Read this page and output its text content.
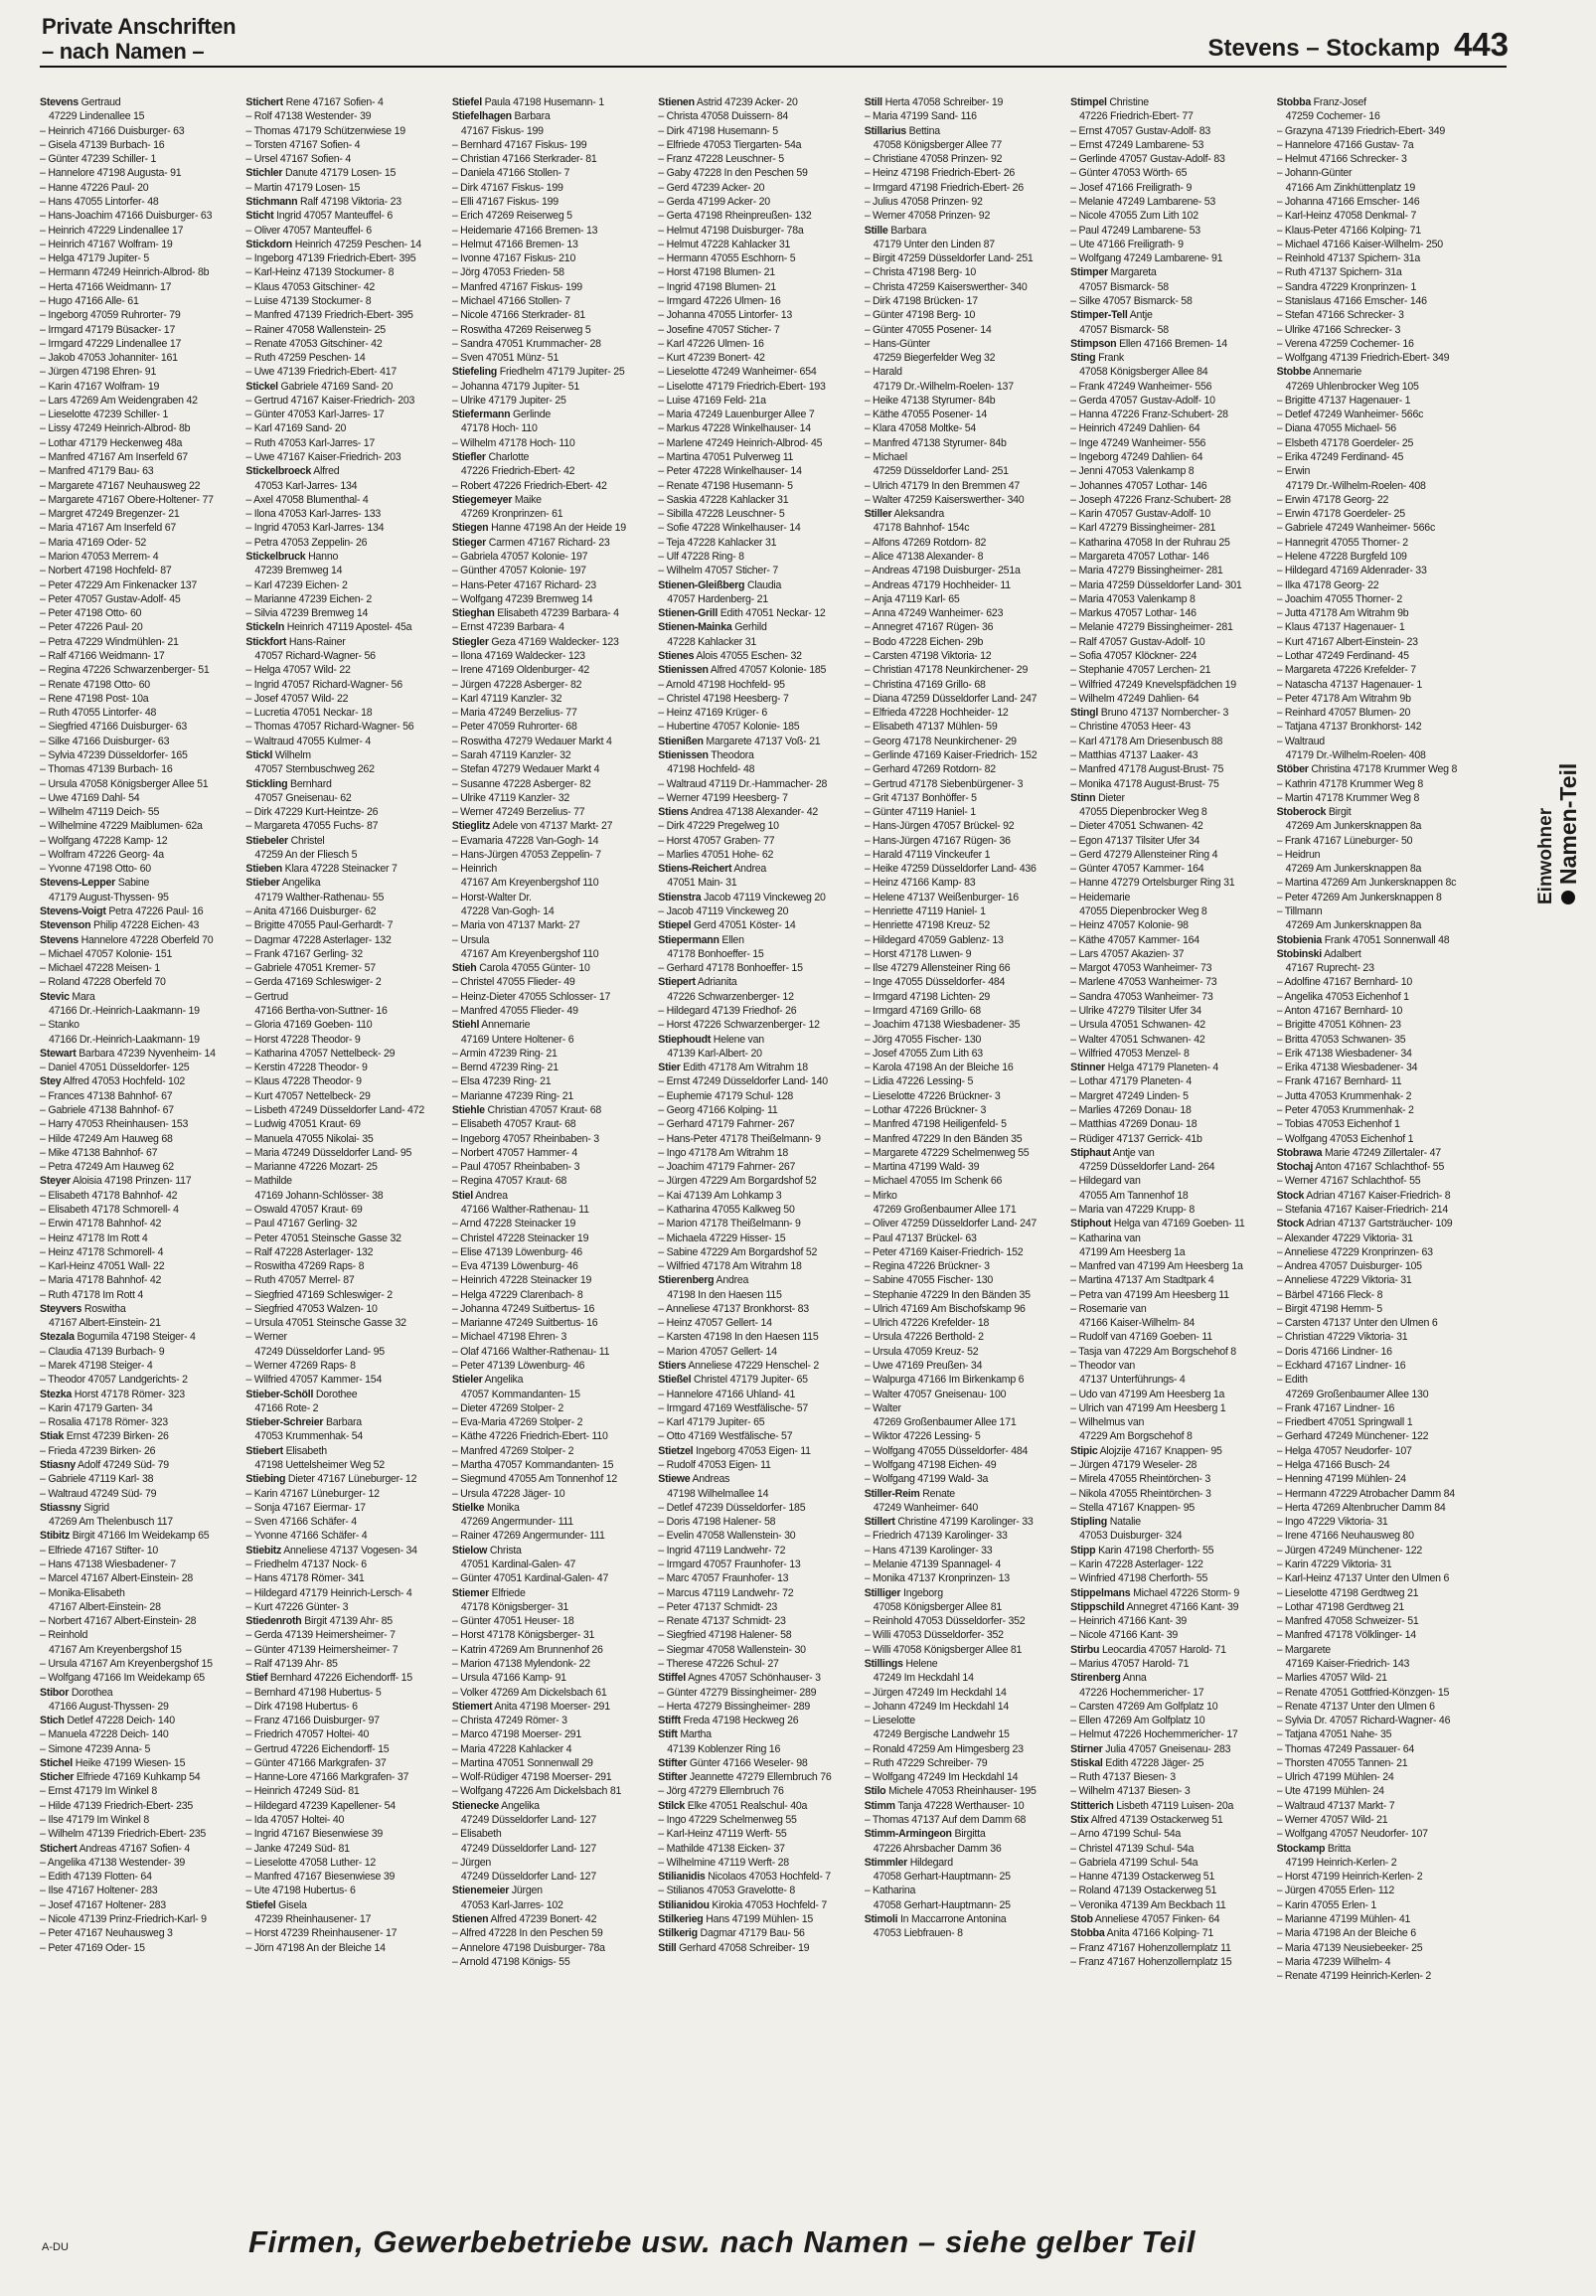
Private Anschriften
– nach Namen –	Stevens – Stockamp 443
Stevens Gertraud
47229 Lindenallee 15
– Heinrich 47166 Duisburger- 63
– Gisela 47139 Burbach- 16
– Günter 47239 Schiller- 1
– Hannelore 47198 Augusta- 91
– Hanne 47226 Paul- 20
– Hans 47055 Lintorfer- 48
– Hans-Joachim 47166 Duisburger- 63
– Heinrich 47229 Lindenallee 17
– Heinrich 47167 Wolfram- 19
– Helga 47179 Jupiter- 5
– Hermann 47249 Heinrich-Albrod- 8b
– Herta 47166 Weidmann- 17
– Hugo 47166 Alle- 61
– Ingeborg 47059 Ruhrorter- 79
– Irmgard 47179 Büsacker- 17
– Irmgard 47229 Lindenallee 17
– Jakob 47053 Johanniter- 161
– Jürgen 47198 Ehren- 91
– Karin 47167 Wolfram- 19
– Lars 47269 Am Weidengraben 42
– Lieselotte 47239 Schiller- 1
– Lissy 47249 Heinrich-Albrod- 8b
– Lothar 47179 Heckenweg 48a
– Manfred 47167 Am Inserfeld 67
– Manfred 47179 Bau- 63
– Margarete 47167 Neuhausweg 22
– Margarete 47167 Obere-Holtener- 77
– Margret 47249 Bregenzer- 21
– Maria 47167 Am Inserfeld 67
– Maria 47169 Oder- 52
– Marion 47053 Merrem- 4
– Norbert 47198 Hochfeld- 87
– Peter 47229 Am Finkenacker 137
– Peter 47057 Gustav-Adolf- 45
– Peter 47198 Otto- 60
– Peter 47226 Paul- 20
– Petra 47229 Windmühlen- 21
– Ralf 47166 Weidmann- 17
– Regina 47226 Schwarzenberger- 51
– Renate 47198 Otto- 60
– Rene 47198 Post- 10a
– Ruth 47055 Lintorfer- 48
– Siegfried 47166 Duisburger- 63
– Silke 47166 Duisburger- 63
– Sylvia 47239 Düsseldorfer- 165
– Thomas 47139 Burbach- 16
– Ursula 47058 Königsberger Allee 51
– Uwe 47169 Dahl- 54
– Wilhelm 47119 Deich- 55
– Wilhelmine 47229 Maiblumen- 62a
– Wolfgang 47228 Kamp- 12
– Wolfram 47226 Georg- 4a
– Yvonne 47198 Otto- 60
Stevens-Lepper Sabine
47179 August-Thyssen- 95
Stevens-Voigt Petra 47226 Paul- 16
Stevenson Philip 47228 Eichen- 43
Stevens Hannelore 47228 Oberfeld 70
– Michael 47057 Kolonie- 151
– Michael 47228 Meisen- 1
– Roland 47228 Oberfeld 70
Stevic Mara
47166 Dr.-Heinrich-Laakmann- 19
– Stanko
47166 Dr.-Heinrich-Laakmann- 19
Stewart Barbara 47239 Nyvenheim- 14
– Daniel 47051 Düsseldorfer- 125
Stey Alfred 47053 Hochfeld- 102
– Frances 47138 Bahnhof- 67
– Gabriele 47138 Bahnhof- 67
– Harry 47053 Rheinhausen- 153
– Hilde 47249 Am Hauweg 68
– Mike 47138 Bahnhof- 67
– Petra 47249 Am Hauweg 62
Steyer Aloisia 47198 Prinzen- 117
– Elisabeth 47178 Bahnhof- 42
– Elisabeth 47178 Schmorell- 4
– Erwin 47178 Bahnhof- 42
– Heinz 47178 Im Rott 4
– Heinz 47178 Schmorell- 4
– Karl-Heinz 47051 Wall- 22
– Maria 47178 Bahnhof- 42
– Ruth 47178 Im Rott 4
Steyvers Roswitha
47167 Albert-Einstein- 21
Stezala Bogumila 47198 Steiger- 4
– Claudia 47139 Burbach- 9
– Marek 47198 Steiger- 4
– Theodor 47057 Landgerichts- 2
Stezka Horst 47178 Römer- 323
– Karin 47179 Garten- 34
– Rosalia 47178 Römer- 323
Stiak Ernst 47239 Birken- 26
– Frieda 47239 Birken- 26
Stiasny Adolf 47249 Süd- 79
– Gabriele 47119 Karl- 38
– Waltraud 47249 Süd- 79
Stiassny Sigrid
47269 Am Thelenbusch 117
Stibitz Birgit 47166 Im Weidekamp 65
– Elfriede 47167 Stifter- 10
– Hans 47138 Wiesbadener- 7
– Marcel 47167 Albert-Einstein- 28
– Monika-Elisabeth
47167 Albert-Einstein- 28
– Norbert 47167 Albert-Einstein- 28
– Reinhold
47167 Am Kreyenbergshof 15
– Ursula 47167 Am Kreyenbergshof 15
– Wolfgang 47166 Im Weidekamp 65
Stibor Dorothea
47166 August-Thyssen- 29
Stich Detlef 47228 Deich- 140
– Manuela 47228 Deich- 140
– Simone 47239 Anna- 5
Stichel Heike 47199 Wiesen- 15
Sticher Elfriede 47169 Kuhkamp 54
– Ernst 47179 Im Winkel 8
– Hilde 47139 Friedrich-Ebert- 235
– Ilse 47179 Im Winkel 8
– Wilhelm 47139 Friedrich-Ebert- 235
Stichert Andreas 47167 Sofien- 4
– Angelika 47138 Westender- 39
– Edith 47139 Flotten- 64
– Ilse 47167 Holtener- 283
– Josef 47167 Holtener- 283
– Nicole 47139 Prinz-Friedrich-Karl- 9
– Peter 47167 Neuhausweg 3
– Peter 47169 Oder- 15
Stichert Rene 47167 Sofien- 4
– Rolf 47138 Westender- 39
– Thomas 47179 Schützenwiese 19
– Torsten 47167 Sofien- 4
– Ursel 47167 Sofien- 4
Stichler Danute 47179 Losen- 15
– Martin 47179 Losen- 15
Stichmann Ralf 47198 Viktoria- 23
Sticht Ingrid 47057 Manteuffel- 6
– Oliver 47057 Manteuffel- 6
Stickdorn Heinrich 47259 Peschen- 14
– Ingeborg 47139 Friedrich-Ebert- 395
– Karl-Heinz 47139 Stockumer- 8
– Klaus 47053 Gitschiner- 42
– Luise 47139 Stockumer- 8
– Manfred 47139 Friedrich-Ebert- 395
– Rainer 47058 Wallenstein- 25
– Renate 47053 Gitschiner- 42
– Ruth 47259 Peschen- 14
– Uwe 47139 Friedrich-Ebert- 417
Stickel Gabriele 47169 Sand- 20
– Gertrud 47167 Kaiser-Friedrich- 203
– Günter 47053 Karl-Jarres- 17
– Karl 47169 Sand- 20
– Ruth 47053 Karl-Jarres- 17
– Uwe 47167 Kaiser-Friedrich- 203
Stickelbroeck Alfred
47053 Karl-Jarres- 134
– Axel 47058 Blumenthal- 4
– Ilona 47053 Karl-Jarres- 133
– Ingrid 47053 Karl-Jarres- 134
– Petra 47053 Zeppelin- 26
Stickelbruck Hanno
47239 Bremweg 14
– Karl 47239 Eichen- 2
– Marianne 47239 Eichen- 2
– Silvia 47239 Bremweg 14
Stickeln Heinrich 47119 Apostel- 45a
Stickfort Hans-Rainer
47057 Richard-Wagner- 56
– Helga 47057 Wild- 22
– Ingrid 47057 Richard-Wagner- 56
– Josef 47057 Wild- 22
– Lucretia 47051 Neckar- 18
– Thomas 47057 Richard-Wagner- 56
– Waltraud 47055 Kulmer- 4
Stickl Wilhelm
47057 Sternbuschweg 262
Stickling Bernhard
47057 Gneisenau- 62
– Dirk 47229 Kurt-Heintze- 26
– Margareta 47055 Fuchs- 87
Stiebeler Christel
47259 An der Fliesch 5
Stieben Klara 47228 Steinacker 7
Stieber Angelika
47179 Walther-Rathenau- 55
– Anita 47166 Duisburger- 62
– Brigitte 47055 Paul-Gerhardt- 7
– Dagmar 47228 Asterlager- 132
– Frank 47167 Gerling- 32
– Gabriele 47051 Kremer- 57
– Gerda 47169 Schleswiger- 2
– Gertrud
47166 Bertha-von-Suttner- 16
– Gloria 47169 Goeben- 110
– Horst 47228 Theodor- 9
– Katharina 47057 Nettelbeck- 29
– Kerstin 47228 Theodor- 9
– Klaus 47228 Theodor- 9
– Kurt 47057 Nettelbeck- 29
– Lisbeth 47249 Düsseldorfer Land- 472
– Ludwig 47051 Kraut- 69
– Manuela 47055 Nikolai- 35
– Maria 47249 Düsseldorfer Land- 95
– Marianne 47226 Mozart- 25
– Mathilde
47169 Johann-Schlösser- 38
– Oswald 47057 Kraut- 69
– Paul 47167 Gerling- 32
– Peter 47051 Steinsche Gasse 32
– Ralf 47228 Asterlager- 132
– Roswitha 47269 Raps- 8
– Ruth 47057 Merrel- 87
– Siegfried 47169 Schleswiger- 2
– Siegfried 47053 Walzen- 10
– Ursula 47051 Steinsche Gasse 32
– Werner
47249 Düsseldorfer Land- 95
– Werner 47269 Raps- 8
– Wilfried 47057 Kammer- 154
Stieber-Schöll Dorothee
47166 Rote- 2
Stieber-Schreier Barbara
47053 Krummenhak- 54
Stiebert Elisabeth
47198 Uettelsheimer Weg 52
Stiebing Dieter 47167 Lüneburger- 12
– Karin 47167 Lüneburger- 12
– Sonja 47167 Eiermar- 17
– Sven 47166 Schäfer- 4
– Yvonne 47166 Schäfer- 4
Stiebitz Anneliese 47137 Vogesen- 34
– Friedhelm 47137 Nock- 6
– Hans 47178 Römer- 341
– Hildegard 47179 Heinrich-Lersch- 4
– Kurt 47226 Günter- 3
Stiedenroth Birgit 47139 Ahr- 85
– Gerda 47139 Heimersheimer- 7
– Günter 47139 Heimersheimer- 7
– Ralf 47139 Ahr- 85
Stief Bernhard 47226 Eichendorff- 15
– Bernhard 47198 Hubertus- 5
– Dirk 47198 Hubertus- 6
– Franz 47166 Duisburger- 97
– Friedrich 47057 Holtei- 40
– Gertrud 47226 Eichendorff- 15
– Günter 47166 Markgrafen- 37
– Hanne-Lore 47166 Markgrafen- 37
– Heinrich 47249 Süd- 81
– Hildegard 47239 Kapellener- 54
– Ida 47057 Holtei- 40
– Ingrid 47167 Biesenwiese 39
– Janke 47249 Süd- 81
– Lieselotte 47058 Luther- 12
– Manfred 47167 Biesenwiese 39
– Ute 47198 Hubertus- 6
Stiefel Gisela
47239 Rheinhausener- 17
– Horst 47239 Rheinhausener- 17
– Jörn 47198 An der Bleiche 14
Stiefel Paula 47198 Husemann- 1
Stiefelhagen Barbara
47167 Fiskus- 199
– Bernhard 47167 Fiskus- 199
– Christian 47166 Sterkrader- 81
– Daniela 47166 Stollen- 7
– Dirk 47167 Fiskus- 199
– Elli 47167 Fiskus- 199
– Erich 47269 Reiserweg 5
– Heidemarie 47166 Bremen- 13
– Helmut 47166 Bremen- 13
– Ivonne 47167 Fiskus- 210
– Jörg 47053 Frieden- 58
– Manfred 47167 Fiskus- 199
– Michael 47166 Stollen- 7
– Nicole 47166 Sterkrader- 81
– Roswitha 47269 Reiserweg 5
– Sandra 47051 Krummacher- 28
– Sven 47051 Münz- 51
Stiefeling Friedhelm 47179 Jupiter- 25
– Johanna 47179 Jupiter- 51
– Ulrike 47179 Jupiter- 25
Stiefermann Gerlinde
47178 Hoch- 110
– Wilhelm 47178 Hoch- 110
Stiefler Charlotte
47226 Friedrich-Ebert- 42
– Robert 47226 Friedrich-Ebert- 42
Stiegemeyer Maike
47269 Kronprinzen- 61
Stiegen Hanne 47198 An der Heide 19
Stieger Carmen 47167 Richard- 23
– Gabriela 47057 Kolonie- 197
– Günther 47057 Kolonie- 197
– Hans-Peter 47167 Richard- 23
– Wolfgang 47239 Bremweg 14
Stieghan Elisabeth 47239 Barbara- 4
– Ernst 47239 Barbara- 4
Stiegler Geza 47169 Waldecker- 123
– Ilona 47169 Waldecker- 123
– Irene 47169 Oldenburger- 42
– Jürgen 47228 Asberger- 82
– Karl 47119 Kanzler- 32
– Maria 47249 Berzelius- 77
– Peter 47059 Ruhrorter- 68
– Roswitha 47279 Wedauer Markt 4
– Sarah 47119 Kanzler- 32
– Stefan 47279 Wedauer Markt 4
– Susanne 47228 Asberger- 82
– Ulrike 47119 Kanzler- 32
– Werner 47249 Berzelius- 77
Stieglitz Adele von 47137 Markt- 27
– Evamaria 47228 Van-Gogh- 14
– Hans-Jürgen 47053 Zeppelin- 7
– Heinrich
47167 Am Kreyenbergshof 110
– Horst-Walter Dr.
47228 Van-Gogh- 14
– Maria von 47137 Markt- 27
– Ursula
47167 Am Kreyenbergshof 110
Stieh Carola 47055 Günter- 10
– Christel 47055 Flieder- 49
– Heinz-Dieter 47055 Schlosser- 17
– Manfred 47055 Flieder- 49
Stiehl Annemarie
47169 Untere Holtener- 6
– Armin 47239 Ring- 21
– Bernd 47239 Ring- 21
– Elsa 47239 Ring- 21
– Marianne 47239 Ring- 21
Stiehle Christian 47057 Kraut- 68
– Elisabeth 47057 Kraut- 68
– Ingeborg 47057 Rheinbaben- 3
– Norbert 47057 Hammer- 4
– Paul 47057 Rheinbaben- 3
– Regina 47057 Kraut- 68
Stiel Andrea
47166 Walther-Rathenau- 11
– Arnd 47228 Steinacker 19
– Christel 47228 Steinacker 19
– Elise 47139 Löwenburg- 46
– Eva 47139 Löwenburg- 46
– Heinrich 47228 Steinacker 19
– Helga 47229 Clarenbach- 8
– Johanna 47249 Suitbertus- 16
– Marianne 47249 Suitbertus- 16
– Michael 47198 Ehren- 3
– Olaf 47166 Walther-Rathenau- 11
– Peter 47139 Löwenburg- 46
Stieler Angelika
47057 Kommandanten- 15
– Dieter 47269 Stolper- 2
– Eva-Maria 47269 Stolper- 2
– Käthe 47226 Friedrich-Ebert- 110
– Manfred 47269 Stolper- 2
– Martha 47057 Kommandanten- 15
– Siegmund 47055 Am Tonnenhof 12
– Ursula 47228 Jäger- 10
Stielke Monika
47269 Angermunder- 111
– Rainer 47269 Angermunder- 111
Stielow Christa
47051 Kardinal-Galen- 47
– Günter 47051 Kardinal-Galen- 47
Stiemer Elfriede
47178 Königsberger- 31
– Günter 47051 Heuser- 18
– Horst 47178 Königsberger- 31
– Katrin 47269 Am Brunnenhof 26
– Marion 47138 Mylendonk- 22
– Ursula 47166 Kamp- 91
– Volker 47269 Am Dickelsbach 61
Stiemert Anita 47198 Moerser- 291
– Christa 47249 Römer- 3
– Marco 47198 Moerser- 291
– Maria 47228 Kahlacker 4
– Martina 47051 Sonnenwall 29
– Wolf-Rüdiger 47198 Moerser- 291
– Wolfgang 47226 Am Dickelsbach 81
Stienecke Angelika
47249 Düsseldorfer Land- 127
– Elisabeth
47249 Düsseldorfer Land- 127
– Jürgen
47249 Düsseldorfer Land- 127
Stienemeier Jürgen
47053 Karl-Jarres- 102
Stienen Alfred 47239 Bonert- 42
– Alfred 47228 In den Peschen 59
– Annelore 47198 Duisburger- 78a
– Arnold 47198 Königs- 55
Stienen Astrid 47239 Acker- 20
– Christa 47058 Duissern- 84
– Dirk 47198 Husemann- 5
– Elfriede 47053 Tiergarten- 54a
– Franz 47228 Leuschner- 5
– Gaby 47228 In den Peschen 59
– Gerd 47239 Acker- 20
– Gerda 47199 Acker- 20
– Gerta 47198 Rheinpreußen- 132
– Helmut 47198 Duisburger- 78a
– Helmut 47228 Kahlacker 31
– Hermann 47055 Eschhorn- 5
– Horst 47198 Blumen- 21
– Ingrid 47198 Blumen- 21
– Irmgard 47226 Ulmen- 16
– Johanna 47055 Lintorfer- 13
– Josefine 47057 Sticher- 7
– Karl 47226 Ulmen- 16
– Kurt 47239 Bonert- 42
– Lieselotte 47249 Wanheimer- 654
– Liselotte 47179 Friedrich-Ebert- 193
– Luise 47169 Feld- 21a
– Maria 47249 Lauenburger Allee 7
– Markus 47228 Winkelhauser- 14
– Marlene 47249 Heinrich-Albrod- 45
– Martina 47051 Pulverweg 11
– Peter 47228 Winkelhauser- 14
– Renate 47198 Husemann- 5
– Saskia 47228 Kahlacker 31
– Sibilla 47228 Leuschner- 5
– Sofie 47228 Winkelhauser- 14
– Teja 47228 Kahlacker 31
– Ulf 47228 Ring- 8
– Wilhelm 47057 Sticher- 7
Stienen-Gleißberg Claudia
47057 Hardenberg- 21
Stienen-Grill Edith 47051 Neckar- 12
Stienen-Mainka Gerhild
47228 Kahlacker 31
Stienes Alois 47055 Eschen- 32
Stienissen Alfred 47057 Kolonie- 185
– Arnold 47198 Hochfeld- 95
– Christel 47198 Heesberg- 7
– Heinz 47169 Krüger- 6
– Hubertine 47057 Kolonie- 185
Stienißen Margarete 47137 Voß- 21
Stienissen Theodora
47198 Hochfeld- 48
– Waltraud 47119 Dr.-Hammacher- 28
– Werner 47199 Heesberg- 7
Stiens Andrea 47138 Alexander- 42
– Dirk 47229 Pregelweg 10
– Horst 47057 Graben- 77
– Marlies 47051 Hohe- 62
Stiens-Reichert Andrea
47051 Main- 31
Stienstra Jacob 47119 Vinckeweg 20
– Jacob 47119 Vinckeweg 20
Stiepel Gerd 47051 Köster- 14
Stiepermann Ellen
47178 Bonhoeffer- 15
– Gerhard 47178 Bonhoeffer- 15
Stiepert Adrianita
47226 Schwarzenberger- 12
– Hildegard 47139 Friedhof- 26
– Horst 47226 Schwarzenberger- 12
Stiephoudt Helene van
47139 Karl-Albert- 20
Stier Edith 47178 Am Witrahm 18
– Ernst 47249 Düsseldorfer Land- 140
– Euphemie 47179 Schul- 128
– Georg 47166 Kolping- 11
– Gerhard 47179 Fahrner- 267
– Hans-Peter 47178 Theißelmann- 9
– Ingo 47178 Am Witrahm 18
– Joachim 47179 Fahrner- 267
– Jürgen 47229 Am Borgardshof 52
– Kai 47139 Am Lohkamp 3
– Katharina 47055 Kalkweg 50
– Marion 47178 Theißelmann- 9
– Michaela 47229 Hisser- 15
– Sabine 47229 Am Borgardshof 52
– Wilfried 47178 Am Witrahm 18
Stierenberg Andrea
47198 In den Haesen 115
– Anneliese 47137 Bronkhorst- 83
– Heinz 47057 Gellert- 14
– Karsten 47198 In den Haesen 115
– Marion 47057 Gellert- 14
Stiers Anneliese 47229 Henschel- 2
Stießel Christel 47179 Jupiter- 65
– Hannelore 47166 Uhland- 41
– Irmgard 47169 Westfälische- 57
– Karl 47179 Jupiter- 65
– Otto 47169 Westfälische- 57
Stietzel Ingeborg 47053 Eigen- 11
– Rudolf 47053 Eigen- 11
Stiewe Andreas
47198 Wilhelmallee 14
– Detlef 47239 Düsseldorfer- 185
– Doris 47198 Halener- 58
– Evelin 47058 Wallenstein- 30
– Ingrid 47119 Landwehr- 72
– Irmgard 47057 Fraunhofer- 13
– Marc 47057 Fraunhofer- 13
– Marcus 47119 Landwehr- 72
– Peter 47137 Schmidt- 23
– Renate 47137 Schmidt- 23
– Siegfried 47198 Halener- 58
– Siegmar 47058 Wallenstein- 30
– Therese 47226 Schul- 27
Stiffel Agnes 47057 Schönhauser- 3
– Günter 47279 Bissingheimer- 289
– Herta 47279 Bissingheimer- 289
Stifft Freda 47198 Heckweg 26
Stift Martha
47139 Koblenzer Ring 16
Stifter Günter 47166 Weseler- 98
Stifter Jeannette 47279 Ellernbruch 76
– Jörg 47279 Ellernbruch 76
Stilck Elke 47051 Realschul- 40a
– Ingo 47229 Schelmenweg 55
– Karl-Heinz 47119 Werft- 55
– Mathilde 47138 Eicken- 37
– Wilhelmine 47119 Werft- 28
Stilianidis Nicolaos 47053 Hochfeld- 7
– Stilianos 47053 Gravelotte- 8
Stilianidou Kirokia 47053 Hochfeld- 7
Stilkerieg Hans 47199 Mühlen- 15
Stilkerig Dagmar 47179 Bau- 56
Still Gerhard 47058 Schreiber- 19
Still Herta 47058 Schreiber- 19
– Maria 47199 Sand- 116
Stillarius Bettina
47058 Königsberger Allee 77
– Christiane 47058 Prinzen- 92
– Heinz 47198 Friedrich-Ebert- 26
– Irmgard 47198 Friedrich-Ebert- 26
– Julius 47058 Prinzen- 92
– Werner 47058 Prinzen- 92
Stille Barbara
47179 Unter den Linden 87
– Birgit 47259 Düsseldorfer Land- 251
– Christa 47198 Berg- 10
– Christa 47259 Kaiserswerther- 340
– Dirk 47198 Brücken- 17
– Günter 47198 Berg- 10
– Günter 47055 Posener- 14
– Hans-Günter
47259 Biegerfelder Weg 32
– Harald
47179 Dr.-Wilhelm-Roelen- 137
– Heike 47138 Styrumer- 84b
– Käthe 47055 Posener- 14
– Klara 47058 Moltke- 54
– Manfred 47138 Styrumer- 84b
– Michael
47259 Düsseldorfer Land- 251
– Ulrich 47179 In den Bremmen 47
– Walter 47259 Kaiserswerther- 340
Stiller Aleksandra
47178 Bahnhof- 154c
– Alfons 47269 Rotdorn- 82
– Alice 47138 Alexander- 8
– Andreas 47198 Duisburger- 251a
– Andreas 47179 Hochheider- 11
– Anja 47119 Karl- 65
– Anna 47249 Wanheimer- 623
– Annegret 47167 Rügen- 36
– Bodo 47228 Eichen- 29b
– Carsten 47198 Viktoria- 12
– Christian 47178 Neunkirchener- 29
– Christina 47169 Grillo- 68
– Diana 47259 Düsseldorfer Land- 247
– Elfrieda 47228 Hochheider- 12
– Elisabeth 47137 Mühlen- 59
– Georg 47178 Neunkirchener- 29
– Gerlinde 47169 Kaiser-Friedrich- 152
– Gerhard 47269 Rotdorn- 82
– Gertrud 47178 Siebenbürgener- 3
– Grit 47137 Bonhöffer- 5
– Günter 47119 Haniel- 1
– Hans-Jürgen 47057 Brückel- 92
– Hans-Jürgen 47167 Rügen- 36
– Harald 47119 Vinckeufer 1
– Heike 47259 Düsseldorfer Land- 436
– Heinz 47166 Kamp- 83
– Helene 47137 Weißenburger- 16
– Henriette 47119 Haniel- 1
– Henriette 47198 Kreuz- 52
– Hildegard 47059 Gablenz- 13
– Horst 47178 Luwen- 9
– Ilse 47279 Allensteiner Ring 66
– Inge 47055 Düsseldorfer- 484
– Irmgard 47198 Lichten- 29
– Irmgard 47169 Grillo- 68
– Joachim 47138 Wiesbadener- 35
– Jörg 47055 Fischer- 130
– Josef 47055 Zum Lith 63
– Karola 47198 An der Bleiche 16
– Lidia 47226 Lessing- 5
– Lieselotte 47226 Brückner- 3
– Lothar 47226 Brückner- 3
– Manfred 47198 Heiligenfeld- 5
– Manfred 47229 In den Bänden 35
– Margarete 47229 Schelmenweg 55
– Martina 47199 Wald- 39
– Michael 47055 Im Schenk 66
– Mirko
47269 Großenbaumer Allee 171
– Oliver 47259 Düsseldorfer Land- 247
– Paul 47137 Brückel- 63
– Peter 47169 Kaiser-Friedrich- 152
– Regina 47226 Brückner- 3
– Sabine 47055 Fischer- 130
– Stephanie 47229 In den Bänden 35
– Ulrich 47169 Am Bischofskamp 96
– Ulrich 47226 Krefelder- 18
– Ursula 47226 Berthold- 2
– Ursula 47059 Kreuz- 52
– Uwe 47169 Preußen- 34
– Walpurga 47166 Im Birkenkamp 6
– Walter 47057 Gneisenau- 100
– Walter
47269 Großenbaumer Allee 171
– Wiktor 47226 Lessing- 5
– Wolfgang 47055 Düsseldorfer- 484
– Wolfgang 47198 Eichen- 49
– Wolfgang 47199 Wald- 3a
Stiller-Reim Renate
47249 Wanheimer- 640
Stillert Christine 47199 Karolinger- 33
– Friedrich 47139 Karolinger- 33
– Hans 47139 Karolinger- 33
– Melanie 47139 Spannagel- 4
– Monika 47137 Kronprinzen- 13
Stilliger Ingeborg
47058 Königsberger Allee 81
– Reinhold 47053 Düsseldorfer- 352
– Willi 47053 Düsseldorfer- 352
– Willi 47058 Königsberger Allee 81
Stillings Helene
47249 Im Heckdahl 14
– Jürgen 47249 Im Heckdahl 14
– Johann 47249 Im Heckdahl 14
– Lieselotte
47249 Bergische Landwehr 15
– Ronald 47259 Am Himgesberg 23
– Ruth 47229 Schreiber- 79
– Wolfgang 47249 Im Heckdahl 14
Stilo Michele 47053 Rheinhauser- 195
Stimm Tanja 47228 Werthauser- 10
– Thomas 47137 Auf dem Damm 68
Stimm-Armingeon Birgitta
47226 Ahrsbacher Damm 36
Stimmler Hildegard
47058 Gerhart-Hauptmann- 25
– Katharina
47058 Gerhart-Hauptmann- 25
Stimoli In Maccarrone Antonina
47053 Liebfrauen- 8
Stimpel Christine
47226 Friedrich-Ebert- 77
– Ernst 47057 Gustav-Adolf- 83
– Ernst 47249 Lambarene- 53
– Gerlinde 47057 Gustav-Adolf- 83
– Günter 47053 Wörth- 65
– Josef 47166 Freiligrath- 9
– Melanie 47249 Lambarene- 53
– Nicole 47055 Zum Lith 102
– Paul 47249 Lambarene- 53
– Ute 47166 Freiligrath- 9
– Wolfgang 47249 Lambarene- 91
Stimper Margareta
47057 Bismarck- 58
– Silke 47057 Bismarck- 58
Stimper-Tell Antje
47057 Bismarck- 58
Stimpson Ellen 47166 Bremen- 14
Sting Frank
47058 Königsberger Allee 84
– Frank 47249 Wanheimer- 556
– Gerda 47057 Gustav-Adolf- 10
– Hanna 47226 Franz-Schubert- 28
– Heinrich 47249 Dahlien- 64
– Inge 47249 Wanheimer- 556
– Ingeborg 47249 Dahlien- 64
– Jenni 47053 Valenkamp 8
– Johannes 47057 Lothar- 146
– Joseph 47226 Franz-Schubert- 28
– Karin 47057 Gustav-Adolf- 10
– Karl 47279 Bissingheimer- 281
– Katharina 47058 In der Ruhrau 25
– Margareta 47057 Lothar- 146
– Maria 47279 Bissingheimer- 281
– Maria 47259 Düsseldorfer Land- 301
– Maria 47053 Valenkamp 8
– Markus 47057 Lothar- 146
– Melanie 47279 Bissingheimer- 281
– Ralf 47057 Gustav-Adolf- 10
– Sofia 47057 Klöckner- 224
– Stephanie 47057 Lerchen- 21
– Wilfried 47249 Knevelspfädchen 19
– Wilhelm 47249 Dahlien- 64
Stingl Bruno 47137 Nornbercher- 3
– Christine 47053 Heer- 43
– Karl 47178 Am Driesenbusch 88
– Matthias 47137 Laaker- 43
– Manfred 47178 August-Brust- 75
– Monika 47178 August-Brust- 75
Stinn Dieter
47055 Diepenbrocker Weg 8
– Dieter 47051 Schwanen- 42
– Egon 47137 Tilsiter Ufer 34
– Gerd 47279 Allensteiner Ring 4
– Günter 47057 Kammer- 164
– Hanne 47279 Ortelsburger Ring 31
– Heidemarie
47055 Diepenbrocker Weg 8
– Heinz 47057 Kolonie- 98
– Käthe 47057 Kammer- 164
– Lars 47057 Akazien- 37
– Margot 47053 Wanheimer- 73
– Marlene 47053 Wanheimer- 73
– Sandra 47053 Wanheimer- 73
– Ulrike 47279 Tilsiter Ufer 34
– Ursula 47051 Schwanen- 42
– Walter 47051 Schwanen- 42
– Wilfried 47053 Menzel- 8
Stinner Helga 47179 Planeten- 4
– Lothar 47179 Planeten- 4
– Margret 47249 Linden- 5
– Marlies 47269 Donau- 18
– Matthias 47269 Donau- 18
– Rüdiger 47137 Gerrick- 41b
Stiphaut Antje van
47259 Düsseldorfer Land- 264
– Hildegard van
47055 Am Tannenhof 18
– Maria van 47229 Krupp- 8
Stiphout Helga van 47169 Goeben- 11
– Katharina van
47199 Am Heesberg 1a
– Manfred van 47199 Am Heesberg 1a
– Martina 47137 Am Stadtpark 4
– Petra van 47199 Am Heesberg 11
– Rosemarie van
47166 Kaiser-Wilhelm- 84
– Rudolf van 47169 Goeben- 11
– Tasja van 47229 Am Borgschehof 8
– Theodor van
47137 Unterführungs- 4
– Udo van 47199 Am Heesberg 1a
– Ulrich van 47199 Am Heesberg 1
– Wilhelmus van
47229 Am Borgschehof 8
Stipic Alojzije 47167 Knappen- 95
– Jürgen 47179 Weseler- 28
– Mirela 47055 Rheintörchen- 3
– Nikola 47055 Rheintörchen- 3
– Stella 47167 Knappen- 95
Stipling Natalie
47053 Duisburger- 324
Stipp Karin 47198 Cherforth- 55
– Karin 47228 Asterlager- 122
– Winfried 47198 Cherforth- 55
Stippelmans Michael 47226 Storm- 9
Stippschild Annegret 47166 Kant- 39
– Heinrich 47166 Kant- 39
– Nicole 47166 Kant- 39
Stirbu Leocardia 47057 Harold- 71
– Marius 47057 Harold- 71
Stirenberg Anna
47226 Hochemmericher- 17
– Carsten 47269 Am Golfplatz 10
– Ellen 47269 Am Golfplatz 10
– Helmut 47226 Hochemmericher- 17
Stirner Julia 47057 Gneisenau- 283
Stiskal Edith 47228 Jäger- 25
– Ruth 47137 Biesen- 3
– Wilhelm 47137 Biesen- 3
Stitterich Lisbeth 47119 Luisen- 20a
Stix Alfred 47139 Ostackerweg 51
– Arno 47199 Schul- 54a
– Christel 47139 Schul- 54a
– Gabriela 47199 Schul- 54a
– Hanne 47139 Ostackerweg 51
– Roland 47139 Ostackerweg 51
– Veronika 47139 Am Beckbach 11
Stob Anneliese 47057 Finken- 64
Stobba Anita 47166 Kolping- 71
– Franz 47167 Hohenzollernplatz 11
– Franz 47167 Hohenzollernplatz 15
Stobba Franz-Josef
47259 Cochemer- 16
– Grazyna 47139 Friedrich-Ebert- 349
– Hannelore 47166 Gustav- 7a
– Helmut 47166 Schrecker- 3
– Johann-Günter
47166 Am Zinkhüttenplatz 19
– Johanna 47166 Emscher- 146
– Karl-Heinz 47058 Denkmal- 7
– Klaus-Peter 47166 Kolping- 71
– Michael 47166 Kaiser-Wilhelm- 250
– Reinhold 47137 Spichern- 31a
– Ruth 47137 Spichern- 31a
– Sandra 47229 Kronprinzen- 1
– Stanislaus 47166 Emscher- 146
– Stefan 47166 Schrecker- 3
– Ulrike 47166 Schrecker- 3
– Verena 47259 Cochemer- 16
– Wolfgang 47139 Friedrich-Ebert- 349
Stobbe Annemarie
47269 Uhlenbrocker Weg 105
– Brigitte 47137 Hagenauer- 1
– Detlef 47249 Wanheimer- 566c
– Diana 47055 Michael- 56
– Elsbeth 47178 Goerdeler- 25
– Erika 47249 Ferdinand- 45
– Erwin
47179 Dr.-Wilhelm-Roelen- 408
– Erwin 47178 Georg- 22
– Erwin 47178 Goerdeler- 25
– Gabriele 47249 Wanheimer- 566c
– Hannegrit 47055 Thorner- 2
– Helene 47228 Burgfeld 109
– Hildegard 47169 Aldenrader- 33
– Ilka 47178 Georg- 22
– Joachim 47055 Thorner- 2
– Jutta 47178 Am Witrahm 9b
– Klaus 47137 Hagenauer- 1
– Kurt 47167 Albert-Einstein- 23
– Lothar 47249 Ferdinand- 45
– Margareta 47226 Krefelder- 7
– Natascha 47137 Hagenauer- 1
– Peter 47178 Am Witrahm 9b
– Reinhard 47057 Blumen- 20
– Tatjana 47137 Bronkhorst- 142
– Waltraud
47179 Dr.-Wilhelm-Roelen- 408
Stöber Christina 47178 Krummer Weg 8
– Kathrin 47178 Krummer Weg 8
– Martin 47178 Krummer Weg 8
Stoberock Birgit
47269 Am Junkersknappen 8a
– Frank 47167 Lüneburger- 50
– Heidrun
47269 Am Junkersknappen 8a
– Martina 47269 Am Junkersknappen 8c
– Peter 47269 Am Junkersknappen 8
– Tillmann
47269 Am Junkersknappen 8a
Stobienia Frank 47051 Sonnenwall 48
Stobinski Adalbert
47167 Ruprecht- 23
– Adolfine 47167 Bernhard- 10
– Angelika 47053 Eichenhof 1
– Anton 47167 Bernhard- 10
– Brigitte 47051 Köhnen- 23
– Britta 47053 Schwanen- 35
– Erik 47138 Wiesbadener- 34
– Erika 47138 Wiesbadener- 34
– Frank 47167 Bernhard- 11
– Jutta 47053 Krummenhak- 2
– Peter 47053 Krummenhak- 2
– Tobias 47053 Eichenhof 1
– Wolfgang 47053 Eichenhof 1
Stobrawa Marie 47249 Zillertaler- 47
Stochaj Anton 47167 Schlachthof- 55
– Werner 47167 Schlachthof- 55
Stock Adrian 47167 Kaiser-Friedrich- 8
– Stefania 47167 Kaiser-Friedrich- 214
Stock Adrian 47137 Gartsträucher- 109
– Alexander 47229 Viktoria- 31
– Anneliese 47229 Kronprinzen- 63
– Andrea 47057 Duisburger- 105
– Anneliese 47229 Viktoria- 31
– Bärbel 47166 Fleck- 8
– Birgit 47198 Hemm- 5
– Carsten 47137 Unter den Ulmen 6
– Christian 47229 Viktoria- 31
– Doris 47166 Lindner- 16
– Eckhard 47167 Lindner- 16
– Edith
47269 Großenbaumer Allee 130
– Frank 47167 Lindner- 16
– Friedbert 47051 Springwall 1
– Gerhard 47249 Münchener- 122
– Helga 47057 Neudorfer- 107
– Helga 47166 Busch- 24
– Henning 47199 Mühlen- 24
– Hermann 47229 Atrobacher Damm 84
– Herta 47269 Altenbrucher Damm 84
– Ingo 47229 Viktoria- 31
– Irene 47166 Neuhausweg 80
– Jürgen 47249 Münchener- 122
– Karin 47229 Viktoria- 31
– Karl-Heinz 47137 Unter den Ulmen 6
– Lieselotte 47198 Gerdtweg 21
– Lothar 47198 Gerdtweg 21
– Manfred 47058 Schweizer- 51
– Manfred 47178 Völklinger- 14
– Margarete
47169 Kaiser-Friedrich- 143
– Marlies 47057 Wild- 21
– Renate 47051 Gottfried-Könzgen- 15
– Renate 47137 Unter den Ulmen 6
– Sylvia Dr. 47057 Richard-Wagner- 46
– Tatjana 47051 Nahe- 35
– Thomas 47249 Passauer- 64
– Thorsten 47055 Tannen- 21
– Ulrich 47199 Mühlen- 24
– Ute 47199 Mühlen- 24
– Waltraud 47137 Markt- 7
– Werner 47057 Wild- 21
– Wolfgang 47057 Neudorfer- 107
Stockamp Britta
47199 Heinrich-Kerlen- 2
– Horst 47199 Heinrich-Kerlen- 2
– Jürgen 47055 Erlen- 112
– Karin 47055 Erlen- 1
– Marianne 47199 Mühlen- 41
– Maria 47198 An der Bleiche 6
– Maria 47139 Neusiebeeker- 25
– Maria 47239 Wilhelm- 4
– Renate 47199 Heinrich-Kerlen- 2
Einwohner Namen-Teil
A-DU	Firmen, Gewerbebetriebe usw. nach Namen – siehe gelber Teil
